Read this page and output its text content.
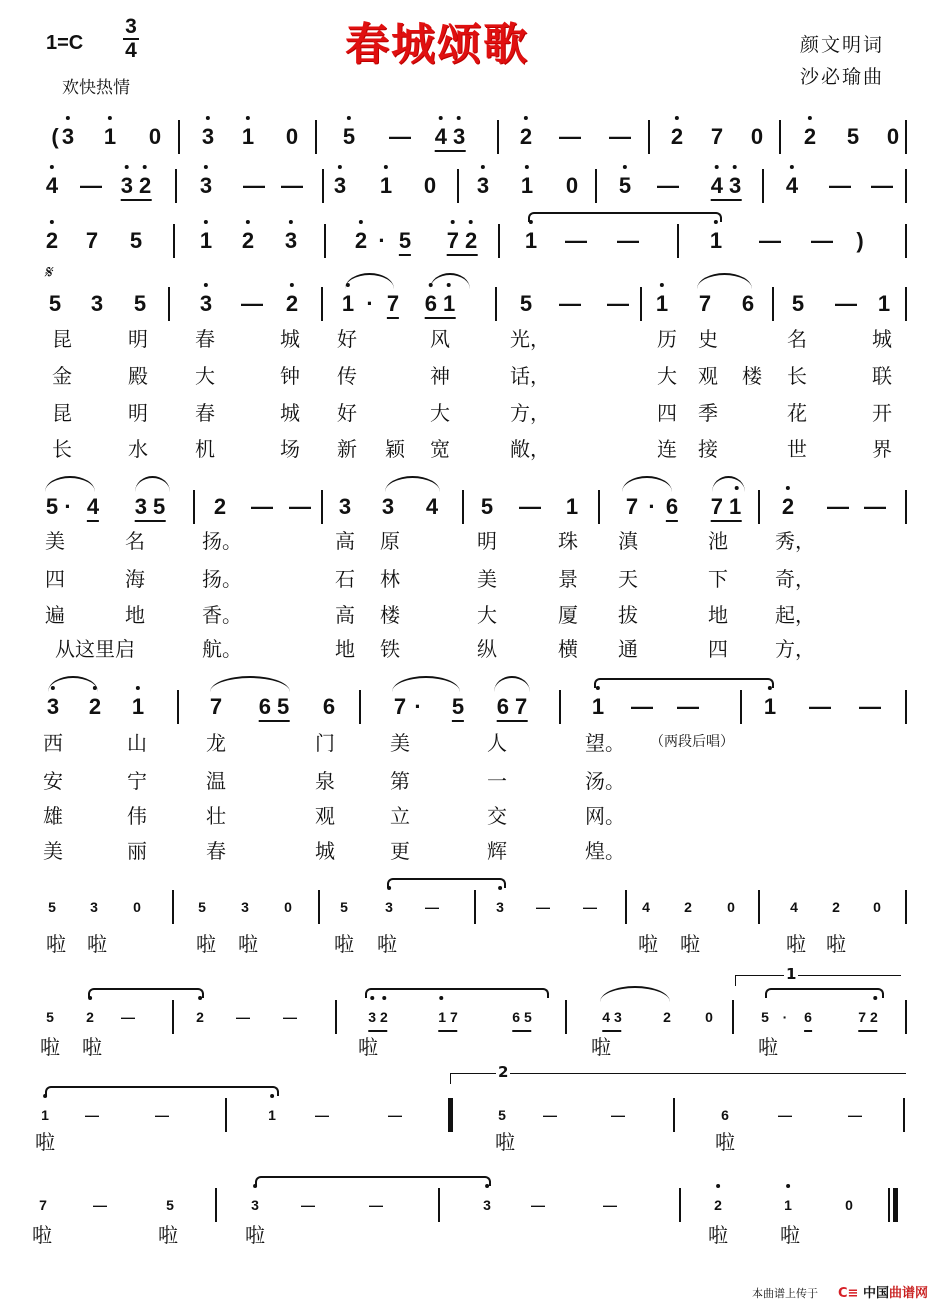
春城颂歌
1=C
3
4
欢快热情
颜文明词
沙必瑜曲
𝄋
( 3 1 0 3 1 0 5 — 4 3 2 — — 2 7 0 2 5 0
4 — 3 2 3 — — 3 1 0 3 1 0 5 — 4 3 4 — —
2 7 5	1 2 3	2 · 5 7 2 1 — —	1 — — )
5 3 5 3 — 2 1 · 7 6 1	5 — — 1 7 6 5 — 1
5 · 4 3 5 2 — — 3 3 4 5 — 1 7 · 6 7 1 2 — —
3 2 1	7 6 5 6	7 · 5 6 7	1 — —	1 — —
5 3	0	5	3	0	5	3 —	3 — —	4 2	0	4 2 0
5 2 —	2 — —	3 2	1 7	6 5	4 3	2 0	5 · 6	7 2
1	—	—	1	—	—	5	—	—	6	—	—
7	—	5	3	—	—	3	—	—	2	1	0
昆	明 春	城 好	风	光，	历 史	名	城
金	殿 大	钟 传	神	话，	大 观 楼 长	联
昆	明 春	城 好	大	方，	四 季	花	开
长	水 机	场 新 颖 宽	敞，	连 接	世	界
美	名	扬。	高 原	明	珠 滇	池 秀，
四	海	扬。	石 林	美	景 天	下 奇，
遍	地	香。	高 楼	大	厦 拔	地 起，
从这里启	航。	地 铁	纵	横 通	四 方，
西	山	龙	门	美	人	望。 （两段后唱）
安	宁	温	泉	第	一	汤。
雄	伟	壮	观	立	交	网。
美	丽	春	城	更	辉	煌。
啦 啦	啦 啦	啦 啦	啦 啦	啦 啦
啦 啦	啦	啦	啦
啦	啦	啦
啦	啦	啦	啦	啦
1
2
本曲谱上传于 C≡ 中国曲谱网
